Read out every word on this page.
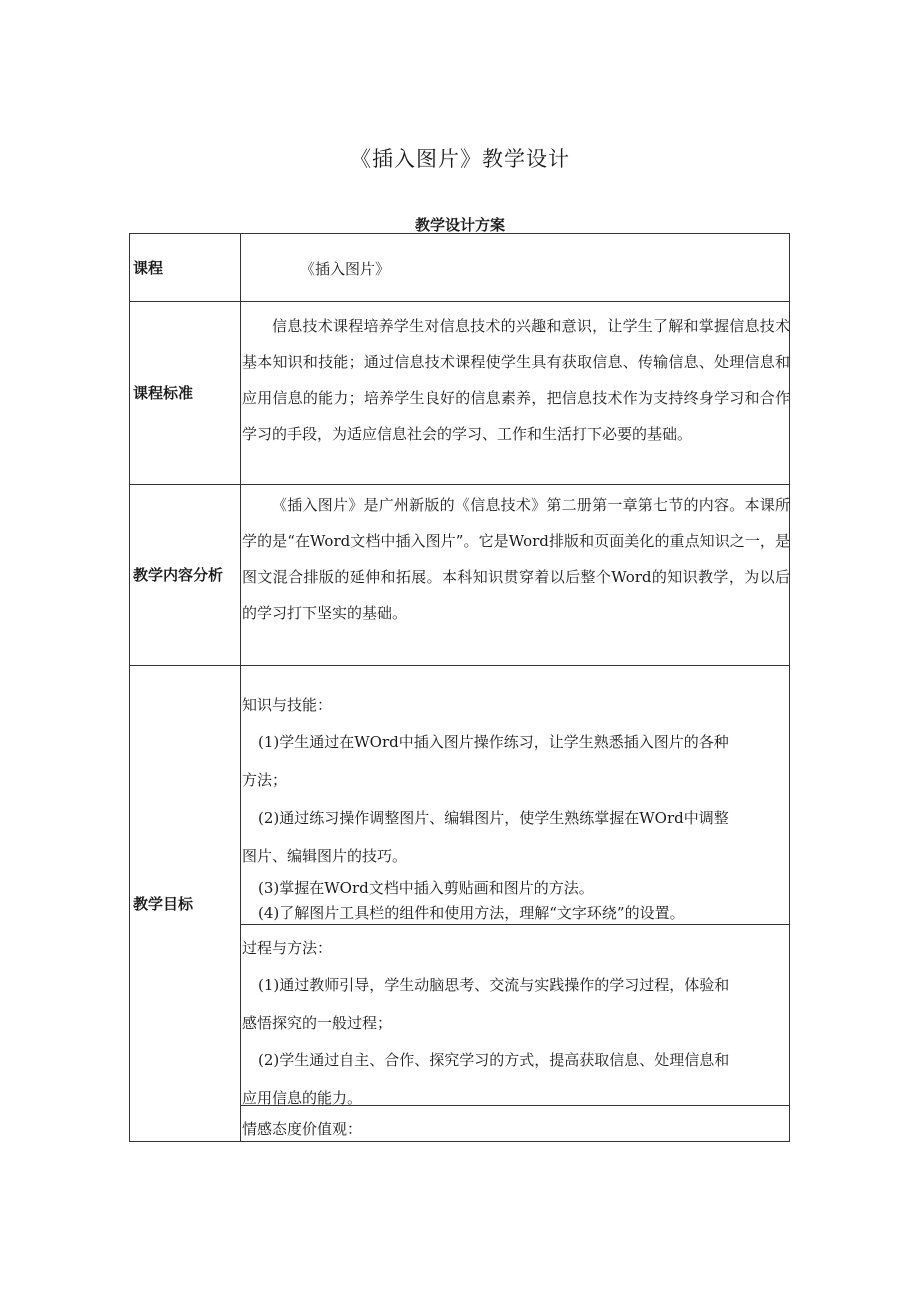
《插入图片》教学设计
教学设计方案
课程	《插入图片》
课程标准

信息技术课程培养学生对信息技术的兴趣和意识，让学生了解和掌握信息技术基本知识和技能；通过信息技术课程使学生具有获取信息、传输信息、处理信息和应用信息的能力；培养学生良好的信息素养，把信息技术作为支持终身学习和合作学习的手段，为适应信息社会的学习、工作和生活打下必要的基础。

教学内容分析

《插入图片》是广州新版的《信息技术》第二册第一章第七节的内容。本课所学的是“在Word文档中插入图片”。它是Word排版和页面美化的重点知识之一，是图文混合排版的延伸和拓展。本科知识贯穿着以后整个Word的知识教学，为以后的学习打下坚实的基础。

教学目标
知识与技能：
(1)学生通过在WOrd中插入图片操作练习，让学生熟悉插入图片的各种
方法；
(2)通过练习操作调整图片、编辑图片，使学生熟练掌握在WOrd中调整
图片、编辑图片的技巧。
(3)掌握在WOrd文档中插入剪贴画和图片的方法。
(4)了解图片工具栏的组件和使用方法，理解“文字环绕”的设置。
过程与方法：
(1)通过教师引导，学生动脑思考、交流与实践操作的学习过程，体验和
感悟探究的一般过程；
(2)学生通过自主、合作、探究学习的方式，提高获取信息、处理信息和
应用信息的能力。
情感态度价值观：
